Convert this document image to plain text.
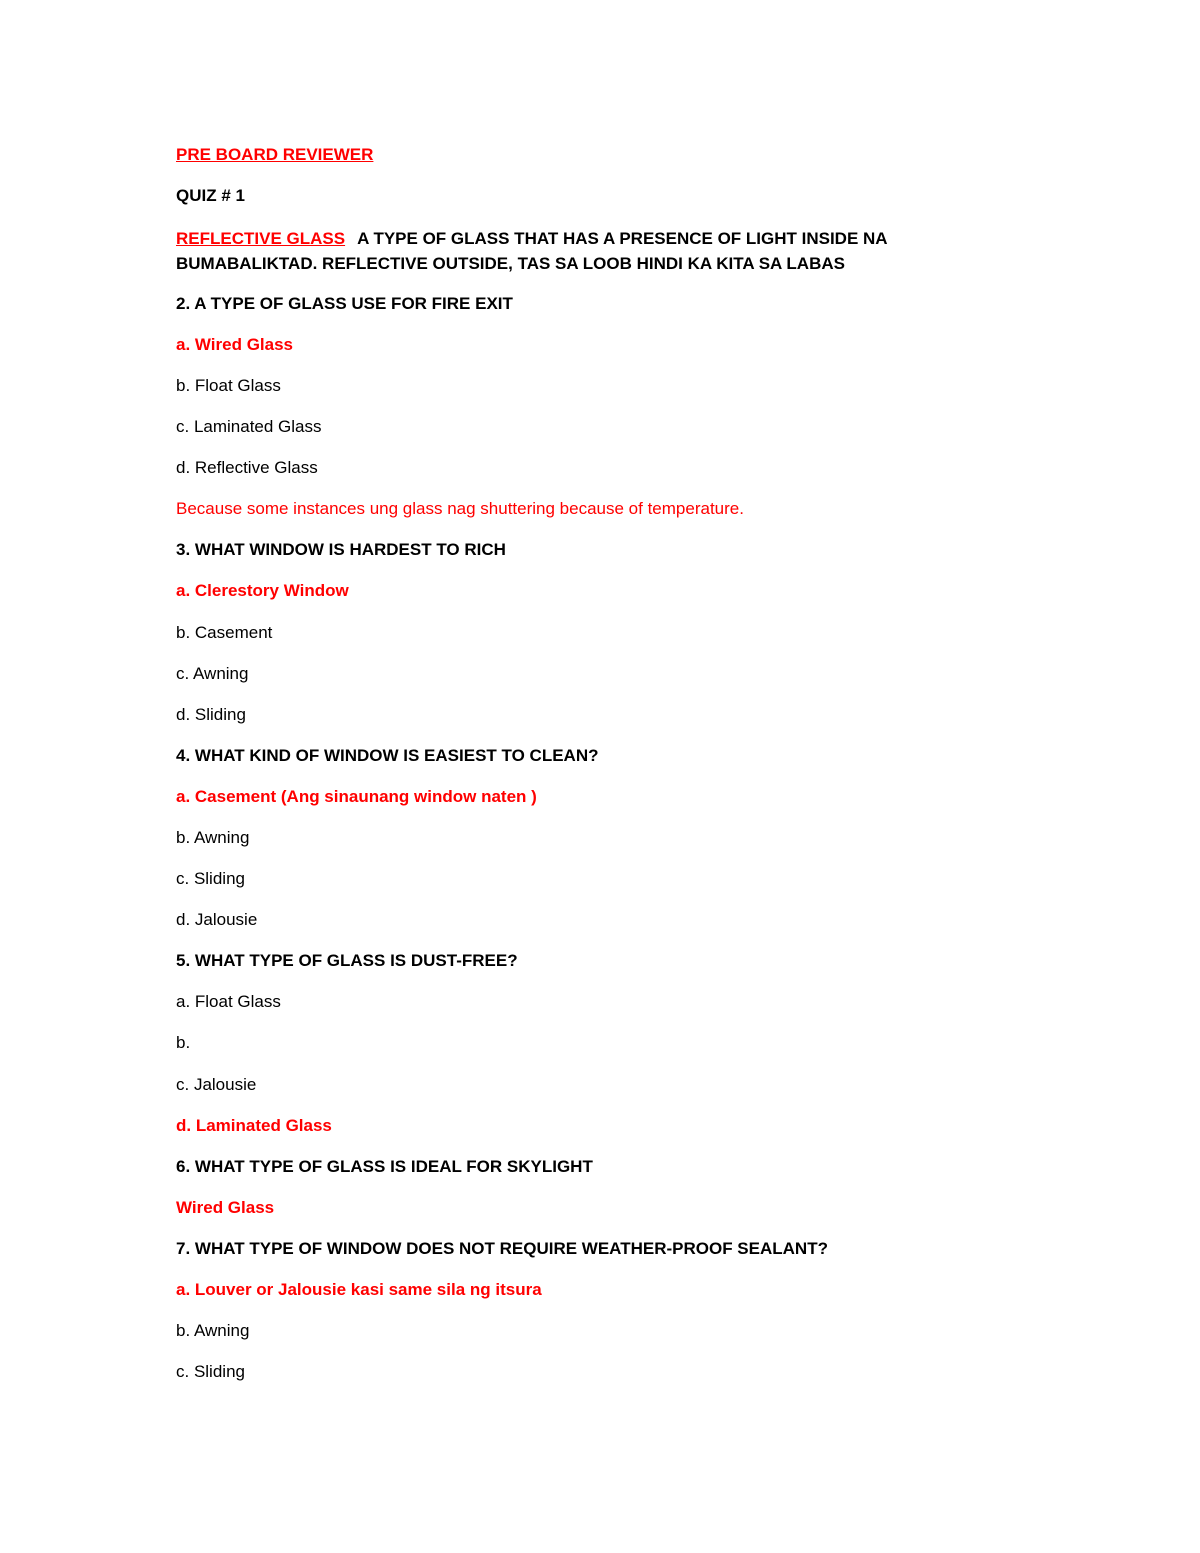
PRE BOARD REVIEWER
QUIZ # 1
REFLECTIVE GLASS A TYPE OF GLASS THAT HAS A PRESENCE OF LIGHT INSIDE NA BUMABALIKTAD. REFLECTIVE OUTSIDE, TAS SA LOOB HINDI KA KITA SA LABAS
2. A TYPE OF GLASS USE FOR FIRE EXIT
a. Wired Glass
b. Float Glass
c. Laminated Glass
d. Reflective Glass
Because some instances ung glass nag shuttering because of temperature.
3. WHAT WINDOW IS HARDEST TO RICH
a. Clerestory Window
b. Casement
c. Awning
d. Sliding
4. WHAT KIND OF WINDOW IS EASIEST TO CLEAN?
a. Casement (Ang sinaunang window naten )
b. Awning
c. Sliding
d. Jalousie
5. WHAT TYPE OF GLASS IS DUST-FREE?
a. Float Glass
b.
c. Jalousie
d. Laminated Glass
6. WHAT TYPE OF GLASS IS IDEAL FOR SKYLIGHT
Wired Glass
7. WHAT TYPE OF WINDOW DOES NOT REQUIRE WEATHER-PROOF SEALANT?
a. Louver or Jalousie kasi same sila ng itsura
b. Awning
c. Sliding
